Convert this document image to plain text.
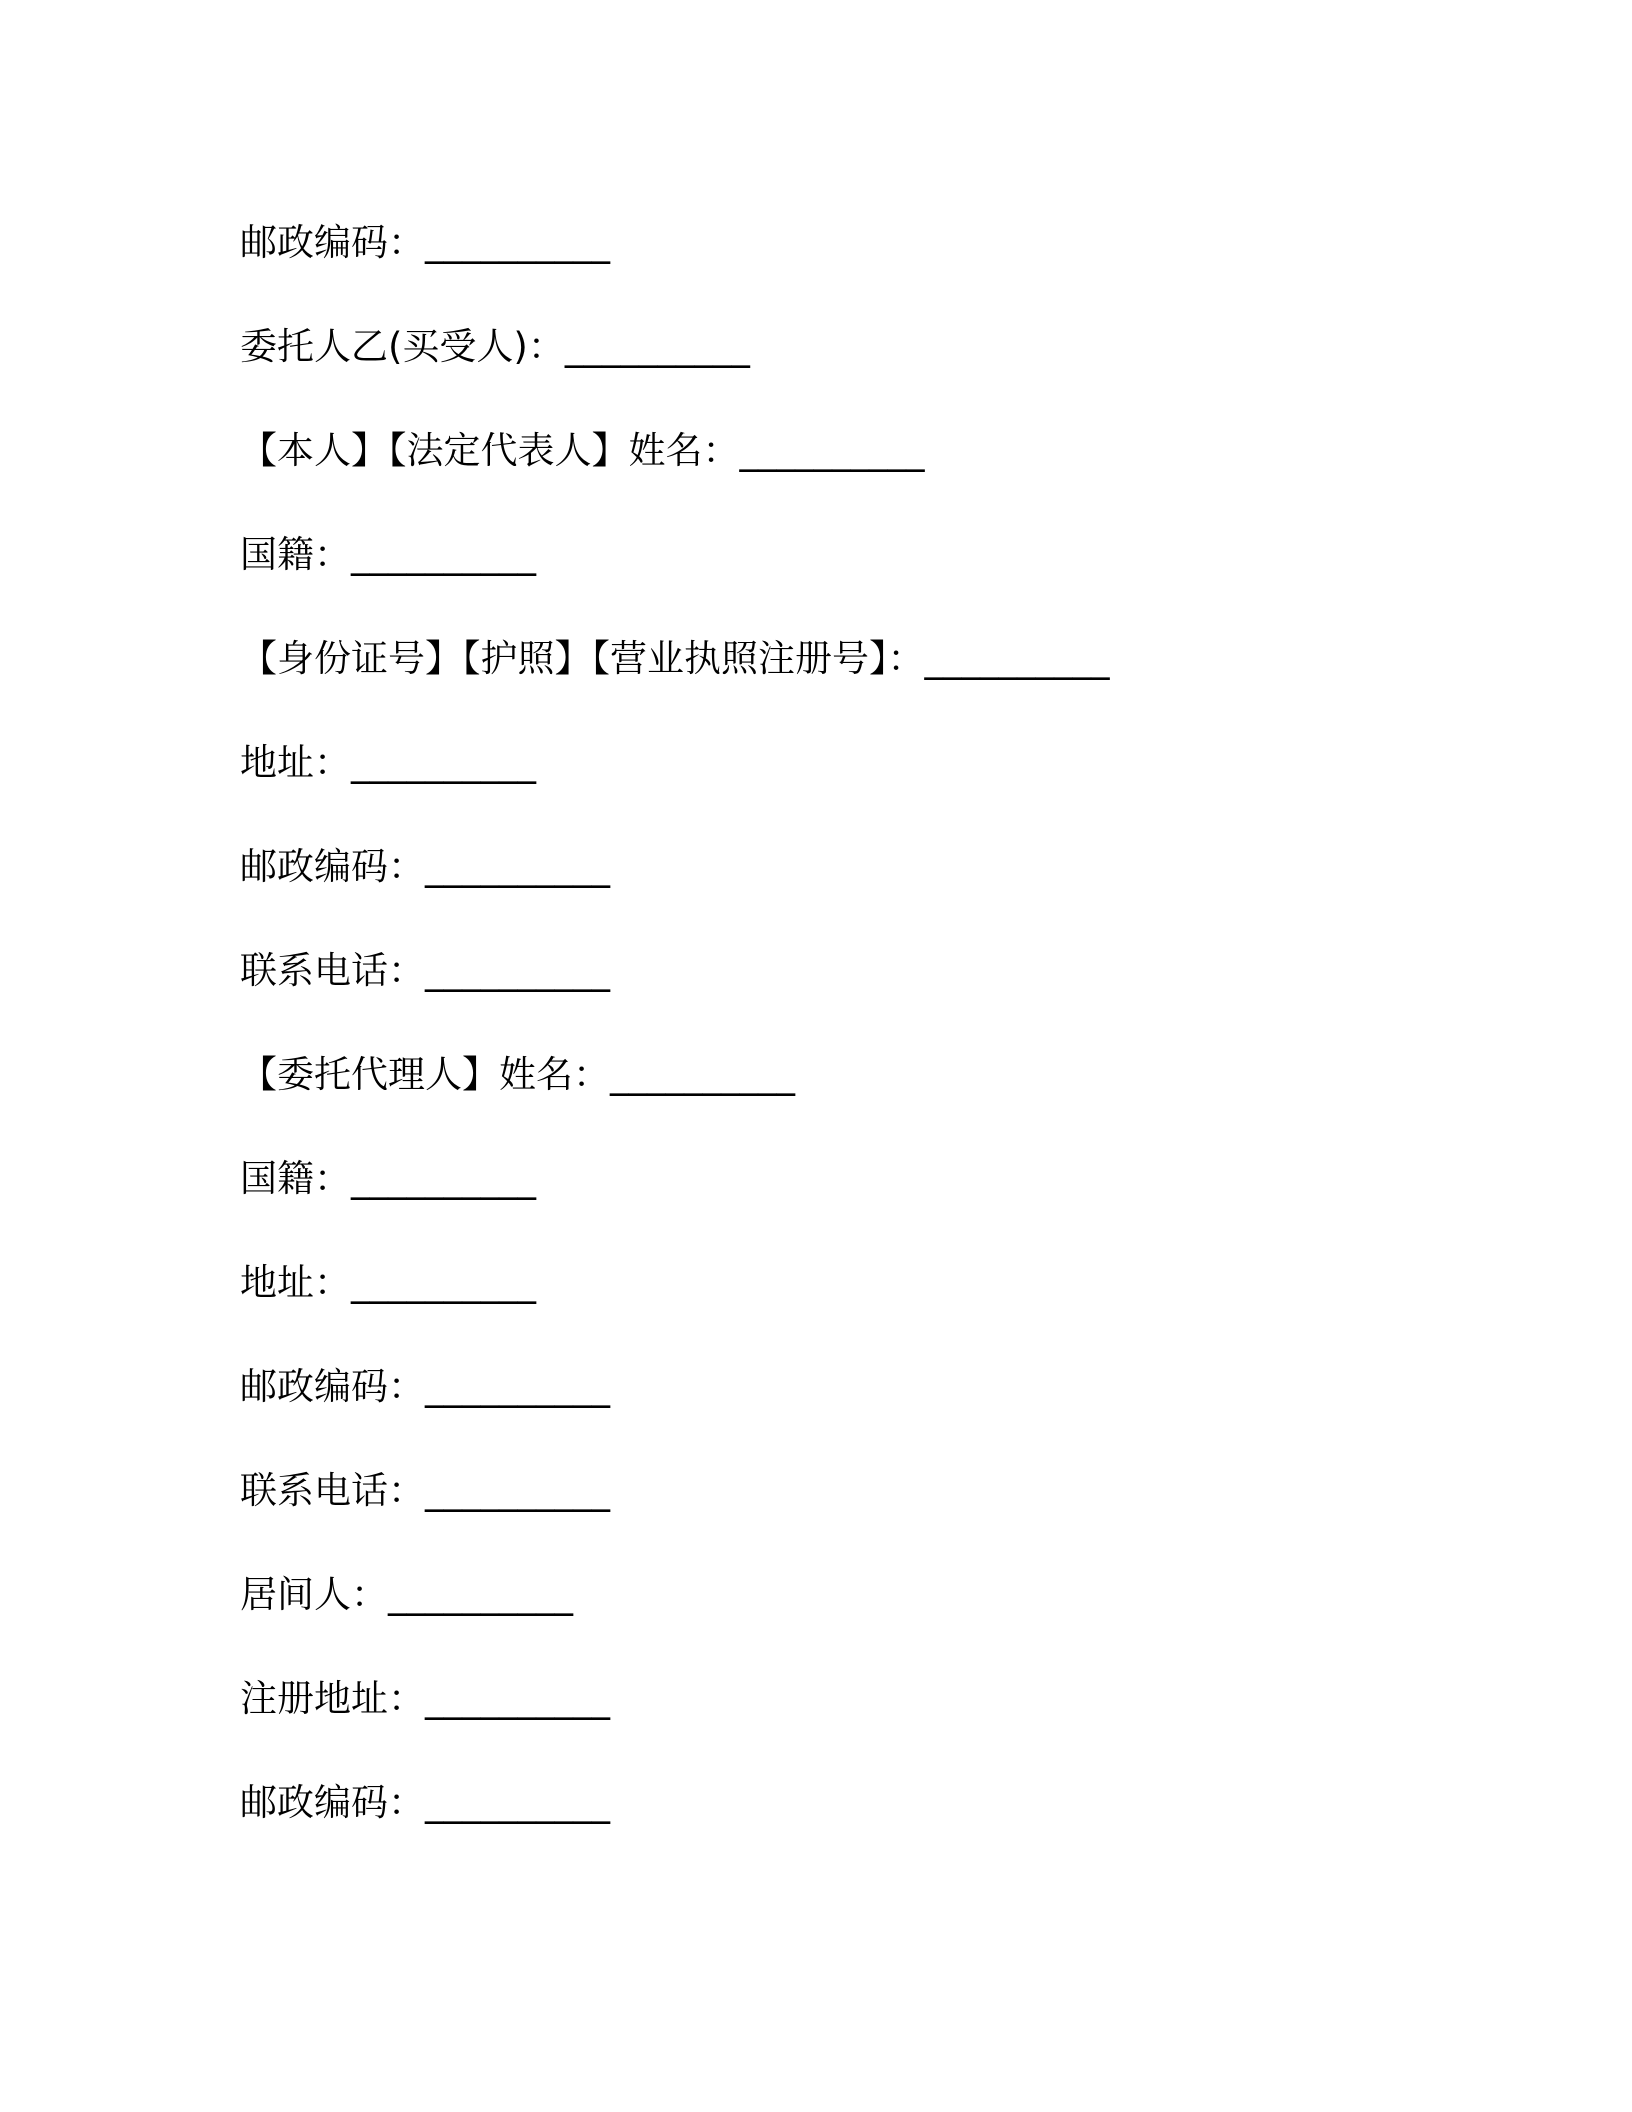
邮政编码：__________
委托人乙(买受人)：__________
【本人】【法定代表人】姓名：__________
国籍：__________
【身份证号】【护照】【营业执照注册号】：__________
地址：__________
邮政编码：__________
联系电话：__________
【委托代理人】姓名：__________
国籍：__________
地址：__________
邮政编码：__________
联系电话：__________
居间人：__________
注册地址：__________
邮政编码：__________
